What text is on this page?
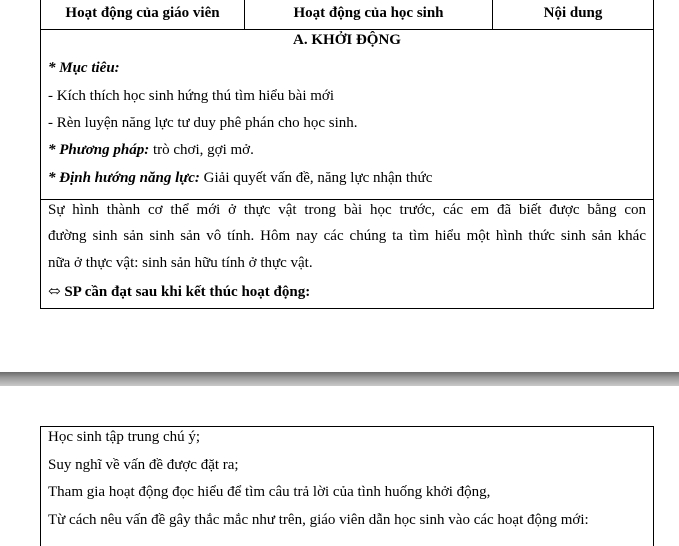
Hoạt động của giáo viên	Hoạt động của học sinh	Nội dung
A. KHỞI ĐỘNG
* Mục tiêu:
- Kích thích học sinh hứng thú tìm hiểu bài mới
- Rèn luyện năng lực tư duy phê phán cho học sinh.
* Phương pháp: trò chơi, gợi mở.
* Định hướng năng lực: Giải quyết vấn đề, năng lực nhận thức
Sự hình thành cơ thể mới ở thực vật trong bài học trước, các em đã biết được bằng con
đường sinh sản sinh sản vô tính. Hôm nay các chúng ta tìm hiểu một hình thức sinh sản khác
nữa ở thực vật: sinh sản hữu tính ở thực vật.
⬄ SP cần đạt sau khi kết thúc hoạt động:
Học sinh tập trung chú ý;
Suy nghĩ về vấn đề được đặt ra;
Tham gia hoạt động đọc hiểu để tìm câu trả lời của tình huống khởi động,
Từ cách nêu vấn đề gây thắc mắc như trên, giáo viên dẫn học sinh vào các hoạt động mới:
